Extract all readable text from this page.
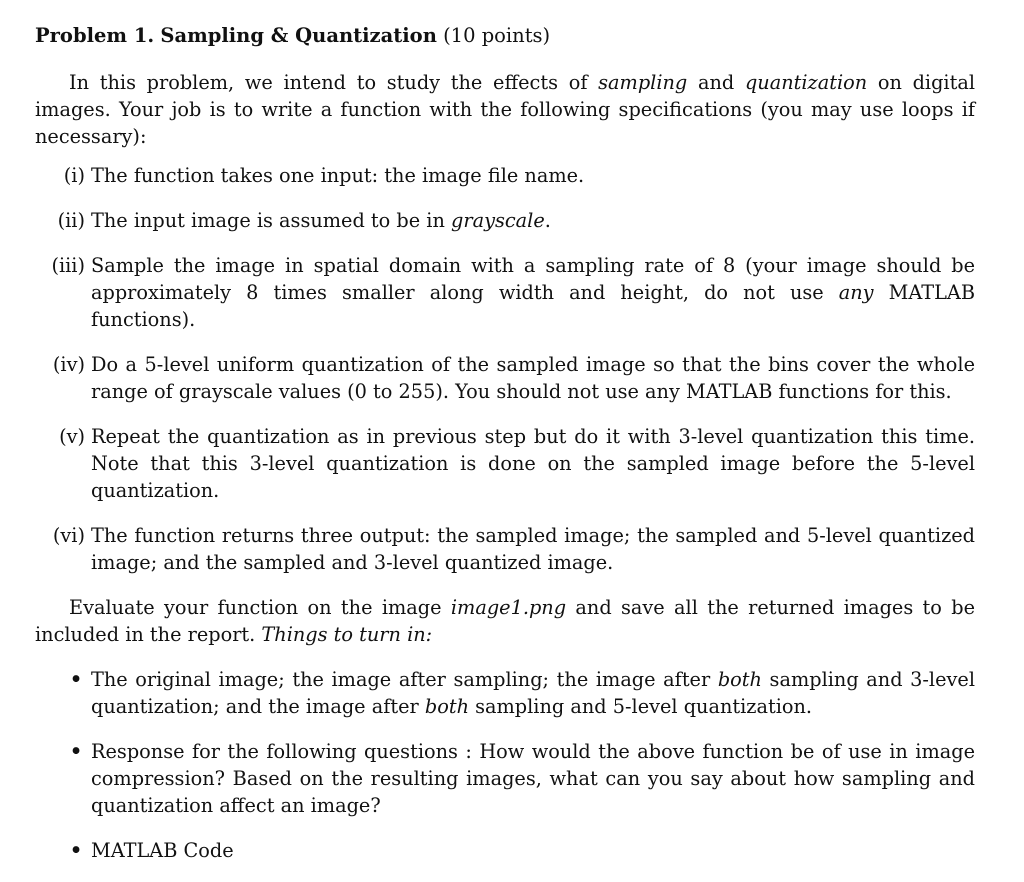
Problem 1. Sampling & Quantization (10 points)

In this problem, we intend to study the effects of sampling and quantization on digital images. Your job is to write a function with the following specifications (you may use loops if necessary):

(i) The function takes one input: the image file name.
(ii) The input image is assumed to be in grayscale.
(iii) Sample the image in spatial domain with a sampling rate of 8 (your image should be approximately 8 times smaller along width and height, do not use any MATLAB functions).
(iv) Do a 5-level uniform quantization of the sampled image so that the bins cover the whole range of grayscale values (0 to 255). You should not use any MATLAB functions for this.
(v) Repeat the quantization as in previous step but do it with 3-level quantization this time. Note that this 3-level quantization is done on the sampled image before the 5-level quantization.
(vi) The function returns three output: the sampled image; the sampled and 5-level quantized image; and the sampled and 3-level quantized image.

Evaluate your function on the image image1.png and save all the returned images to be included in the report. Things to turn in:

• The original image; the image after sampling; the image after both sampling and 3-level quantization; and the image after both sampling and 5-level quantization.
• Response for the following questions : How would the above function be of use in image compression? Based on the resulting images, what can you say about how sampling and quantization affect an image?
• MATLAB Code
